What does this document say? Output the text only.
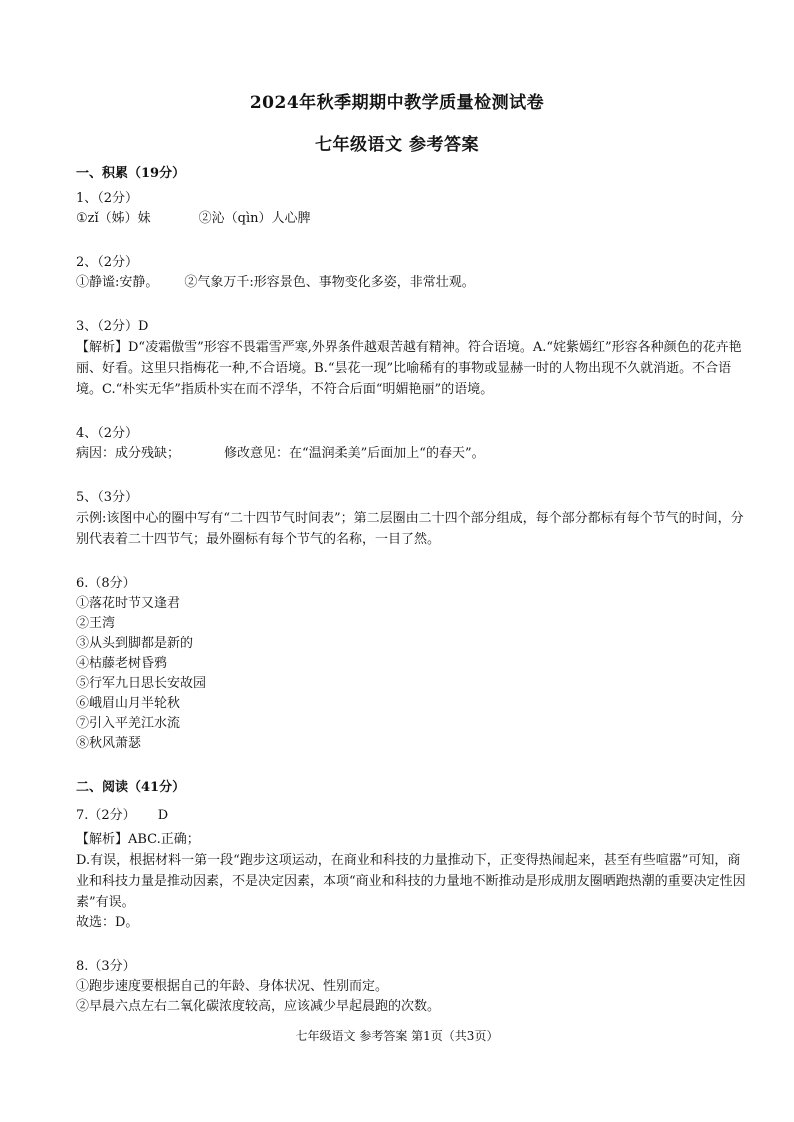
2024年秋季期期中教学质量检测试卷
七年级语文 参考答案
一、积累（19分）
1、（2分）
①zǐ（姊）妹	②沁（qìn）人心脾
2、（2分）
①静谧:安静。 ②气象万千:形容景色、事物变化多姿，非常壮观。
3、（2分）D
【解析】D“凌霜傲雪”形容不畏霜雪严寒,外界条件越艰苦越有精神。符合语境。A.“姹紫嫣红”形容各种颜色的花卉艳丽、好看。这里只指梅花一种,不合语境。B.“昙花一现”比喻稀有的事物或显赫一时的人物出现不久就消逝。不合语境。C.“朴实无华”指质朴实在而不浮华，不符合后面“明媚艳丽”的语境。
4、（2分）
病因：成分残缺；	修改意见：在“温润柔美”后面加上“的春天”。
5、（3分）
示例:该图中心的圈中写有“二十四节气时间表”；第二层圈由二十四个部分组成，每个部分都标有每个节气的时间，分别代表着二十四节气；最外圈标有每个节气的名称，一目了然。
6.（8分）
①落花时节又逢君
②王湾
③从头到脚都是新的
④枯藤老树昏鸦
⑤行军九日思长安故园
⑥峨眉山月半轮秋
⑦引入平羌江水流
⑧秋风萧瑟
二、阅读（41分）
7.（2分） D
【解析】ABC.正确；
D.有误，根据材料一第一段“跑步这项运动，在商业和科技的力量推动下，正变得热闹起来，甚至有些喧嚣”可知，商业和科技力量是推动因素，不是决定因素，本项“商业和科技的力量地不断推动是形成朋友圈晒跑热潮的重要决定性因素”有误。
故选：D。
8.（3分）
①跑步速度要根据自己的年龄、身体状况、性别而定。
②早晨六点左右二氧化碳浓度较高，应该减少早起晨跑的次数。
七年级语文 参考答案 第1页（共3页）
